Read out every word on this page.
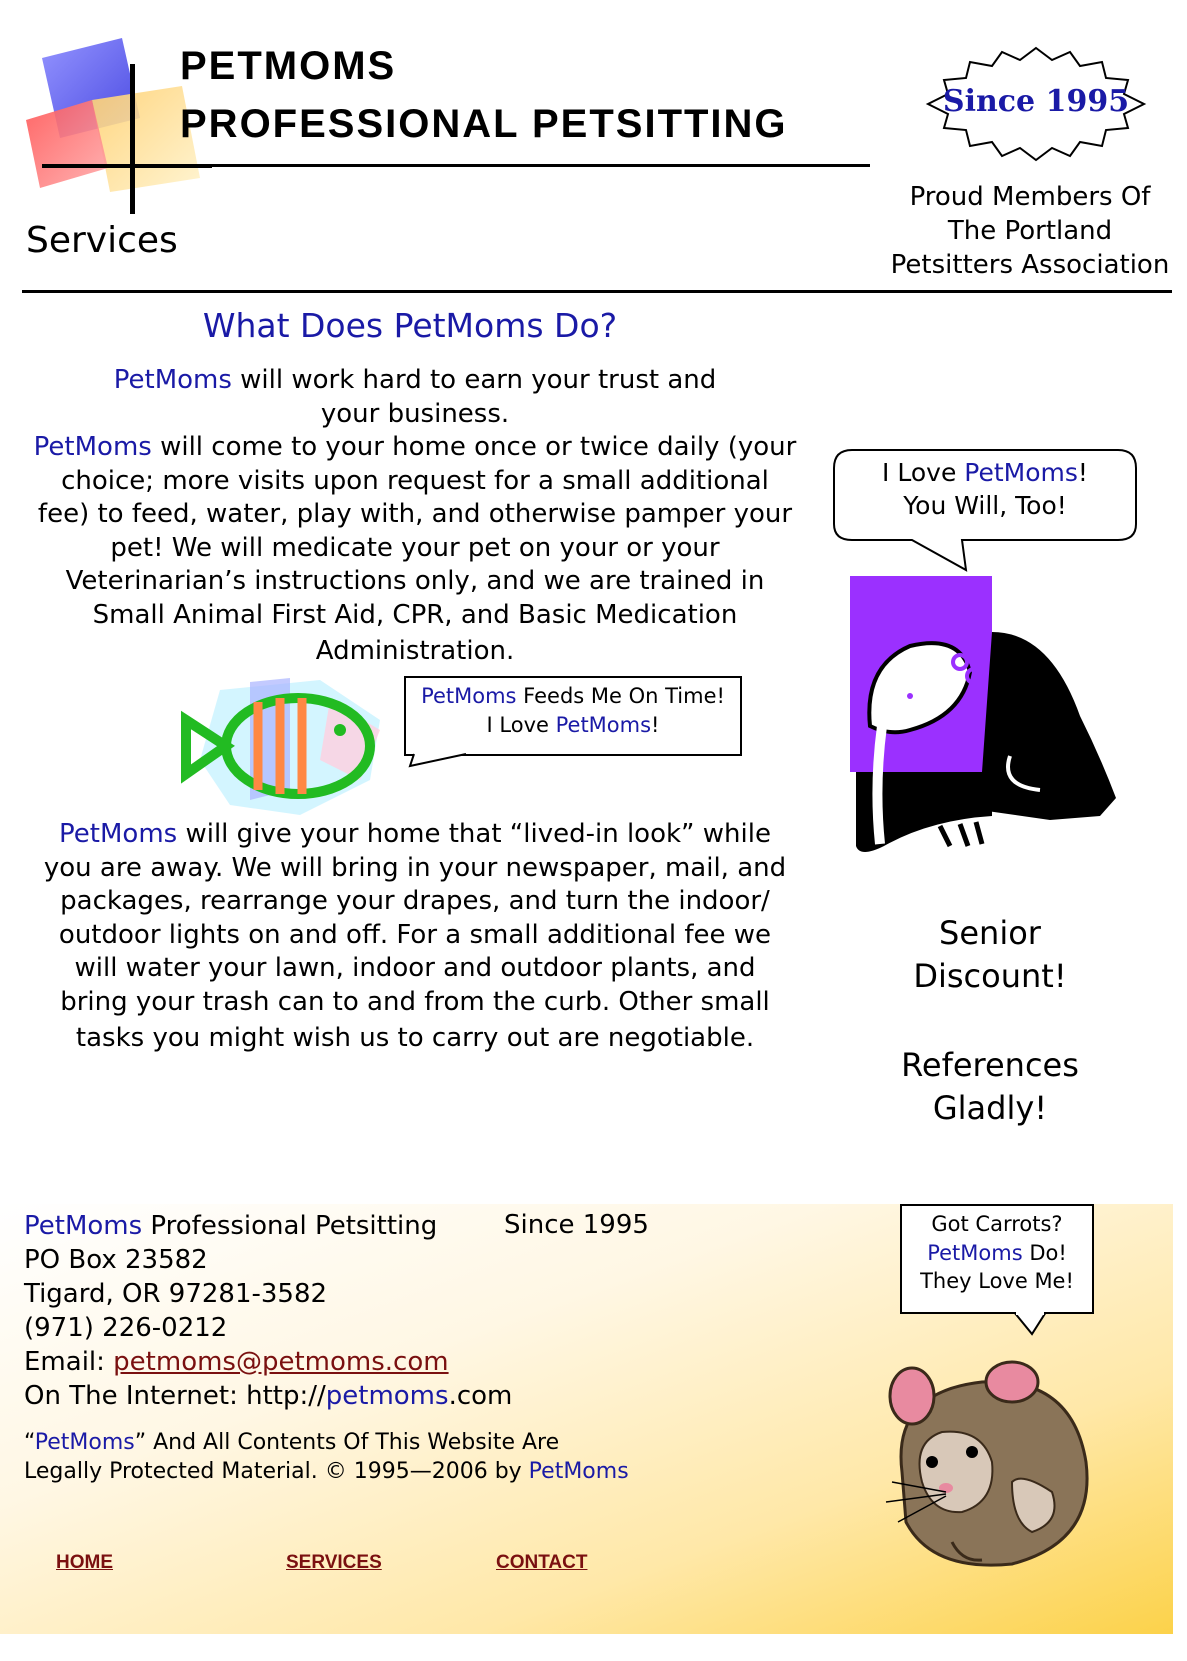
PETMOMS
PROFESSIONAL PETSITTING
Services
Since 1995
Proud Members Of
The Portland
Petsitters Association
What Does PetMoms Do?
PetMoms will work hard to earn your trust and
your business.
PetMoms will come to your home once or twice daily (your
choice; more visits upon request for a small additional
fee) to feed, water, play with, and otherwise pamper your
pet! We will medicate your pet on your or your
Veterinarian’s instructions only, and we are trained in
Small Animal First Aid, CPR, and Basic Medication
Administration.
PetMoms Feeds Me On Time!
I Love PetMoms!
PetMoms will give your home that “lived-in look” while
you are away. We will bring in your newspaper, mail, and
packages, rearrange your drapes, and turn the indoor/
outdoor lights on and off. For a small additional fee we
will water your lawn, indoor and outdoor plants, and
bring your trash can to and from the curb. Other small
tasks you might wish us to carry out are negotiable.
I Love PetMoms!
You Will, Too!
Senior
Discount!
References
Gladly!
PetMoms Professional Petsitting	Since 1995
PO Box 23582
Tigard, OR 97281-3582
(971) 226-0212
Email: petmoms@petmoms.com
On The Internet: http://petmoms.com
“PetMoms” And All Contents Of This Website Are
Legally Protected Material. © 1995—2006 by PetMoms
HOME	SERVICES	CONTACT
Got Carrots?
PetMoms Do!
They Love Me!
